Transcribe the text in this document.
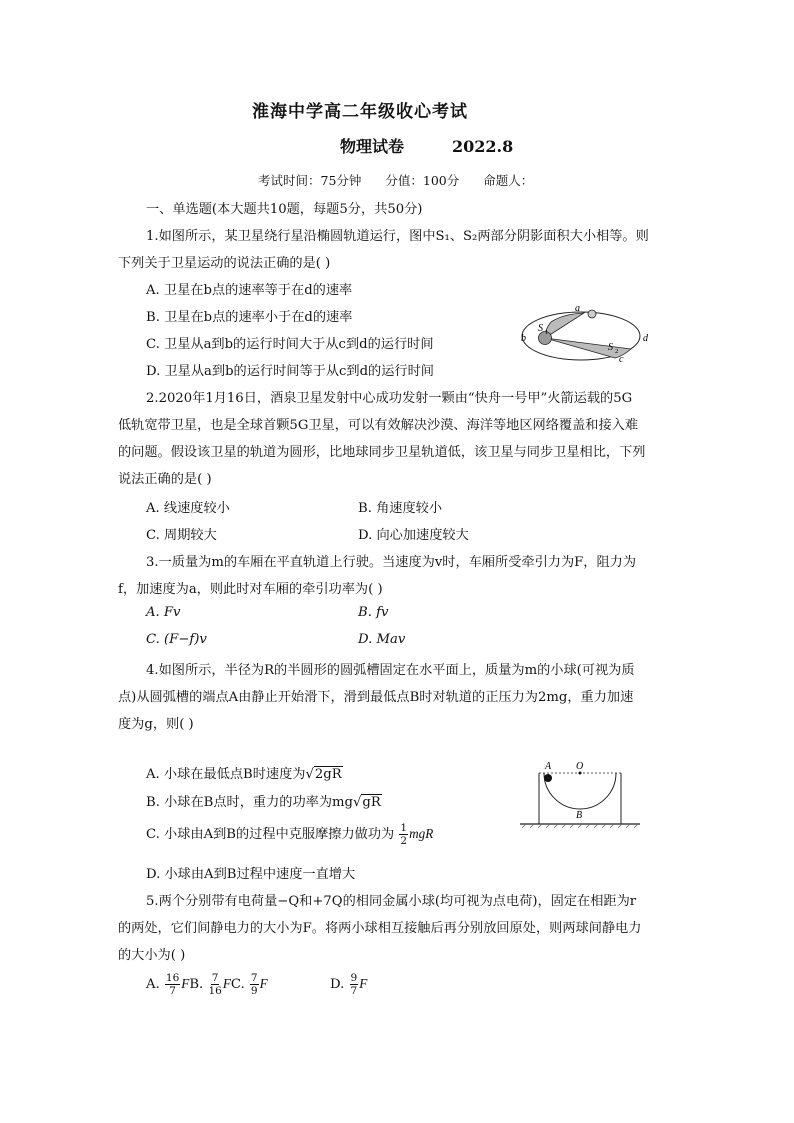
淮海中学高二年级收心考试
物理试卷	2022.8
考试时间：75分钟 分值：100分 命题人：
一、单选题(本大题共10题，每题5分，共50分)
1.如图所示，某卫星绕行星沿椭圆轨道运行，图中S₁、S₂两部分阴影面积大小相等。则
下列关于卫星运动的说法正确的是( )
A. 卫星在b点的速率等于在d的速率
B. 卫星在b点的速率小于在d的速率
C. 卫星从a到b的运行时间大于从c到d的运行时间
D. 卫星从a到b的运行时间等于从c到d的运行时间
a
b
c
d
S 1
S 2
2.2020年1月16日，酒泉卫星发射中心成功发射一颗由“快舟一号甲”火箭运载的5G
低轨宽带卫星，也是全球首颗5G卫星，可以有效解决沙漠、海洋等地区网络覆盖和接入难
的问题。假设该卫星的轨道为圆形，比地球同步卫星轨道低，该卫星与同步卫星相比，下列
说法正确的是( )
A. 线速度较小	B. 角速度较小
C. 周期较大	D. 向心加速度较大
3.一质量为m的车厢在平直轨道上行驶。当速度为v时，车厢所受牵引力为F，阻力为
f，加速度为a，则此时对车厢的牵引功率为( )
A. Fv	B. fv
C. (F−f)v	D. Mav
4.如图所示，半径为R的半圆形的圆弧槽固定在水平面上，质量为m的小球(可视为质
点)从圆弧槽的端点A由静止开始滑下，滑到最低点B时对轨道的正压力为2mg，重力加速
度为g，则( )
A. 小球在最低点B时速度为√2gR
B. 小球在B点时，重力的功率为mg√gR
C. 小球由A到B的过程中克服摩擦力做功为 $\frac{1}{2}$ mgR
D. 小球由A到B过程中速度一直增大
A O
B
5.两个分别带有电荷量−Q和+7Q的相同金属小球(均可视为点电荷)，固定在相距为r
的两处，它们间静电力的大小为F。将两小球相互接触后再分别放回原处，则两球间静电力
的大小为( )
A. $\frac{16}{7}$ FB. $\frac{7}{16}$ FC. $\frac{7}{9}$ F	D. $\frac{9}{7}$ F
